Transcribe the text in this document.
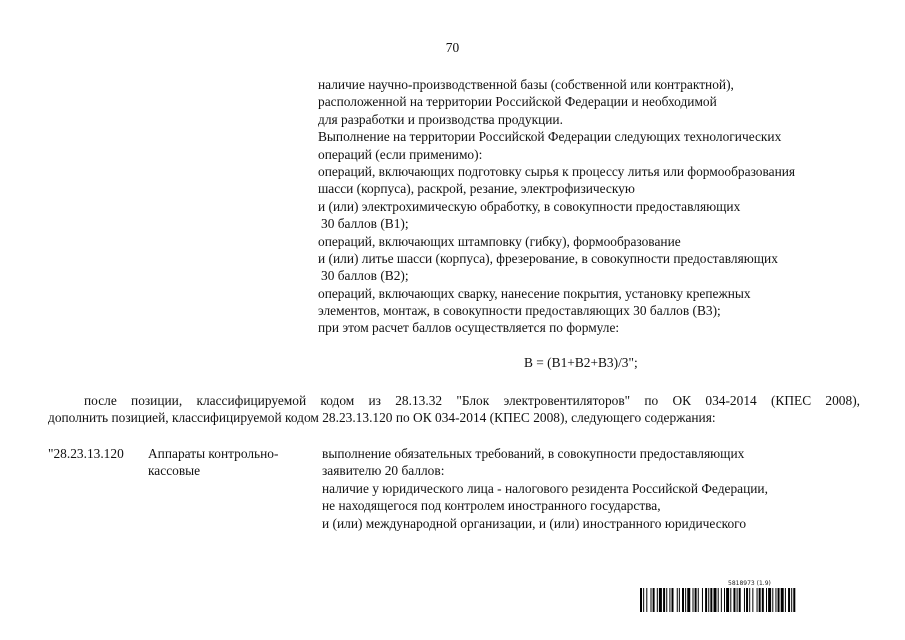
70
наличие научно-производственной базы (собственной или контрактной),
расположенной на территории Российской Федерации и необходимой
для разработки и производства продукции.
Выполнение на территории Российской Федерации следующих технологических
операций (если применимо):
операций, включающих подготовку сырья к процессу литья или формообразования
шасси (корпуса), раскрой, резание, электрофизическую
и (или) электрохимическую обработку, в совокупности предоставляющих
30 баллов (В1);
операций, включающих штамповку (гибку), формообразование
и (или) литье шасси (корпуса), фрезерование, в совокупности предоставляющих
30 баллов (В2);
операций, включающих сварку, нанесение покрытия, установку крепежных
элементов, монтаж, в совокупности предоставляющих 30 баллов (В3);
при этом расчет баллов осуществляется по формуле:
В = (В1+В2+В3)/3";
после позиции, классифицируемой кодом из 28.13.32 "Блок электровентиляторов" по ОК 034-2014 (КПЕС 2008),
дополнить позицией, классифицируемой кодом 28.23.13.120 по ОК 034-2014 (КПЕС 2008), следующего содержания:
"28.23.13.120 Аппараты контрольно-
кассовые
выполнение обязательных требований, в совокупности предоставляющих
заявителю 20 баллов:
наличие у юридического лица - налогового резидента Российской Федерации,
не находящегося под контролем иностранного государства,
и (или) международной организации, и (или) иностранного юридического
5818973 (1.9)
